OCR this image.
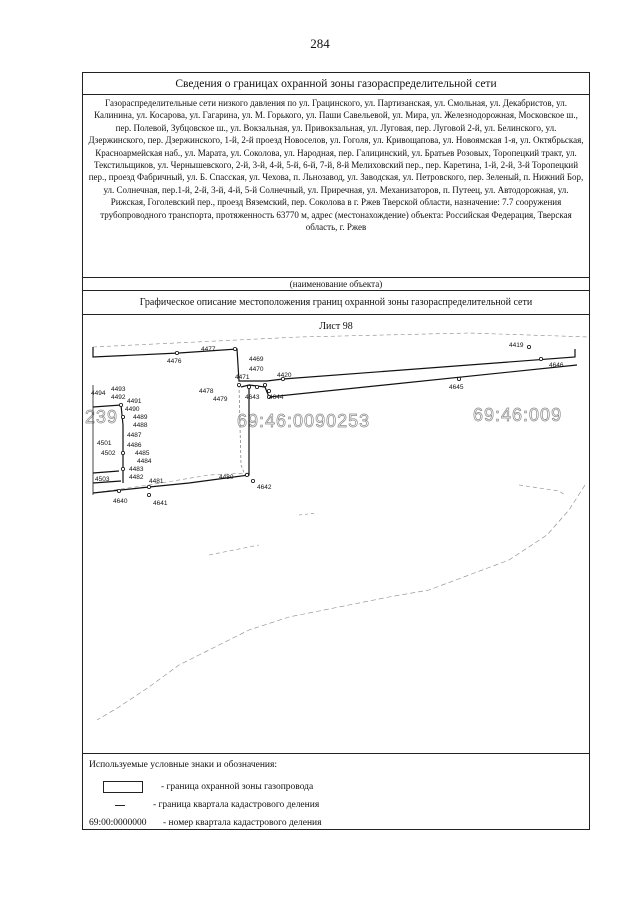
284
Сведения о границах охранной зоны газораспределительной сети
Газораспределительные сети низкого давления по ул. Грацинского, ул. Партизанская, ул. Смольная, ул. Декабристов, ул. Калинина, ул. Косарова, ул. Гагарина, ул. М. Горького, ул. Паши Савельевой, ул. Мира, ул. Железнодорожная, Московское ш., пер. Полевой, Зубцовское ш., ул. Вокзальная, ул. Привокзальная, ул. Луговая, пер. Луговой 2-й, ул. Белинского, ул. Дзержинского, пер. Дзержинского, 1-й, 2-й проезд Новоселов, ул. Гоголя, ул. Кривощапова, ул. Новоямская 1-я, ул. Октябрьская, Красноармейская наб., ул. Марата, ул. Соколова, ул. Народная, пер. Галицинский, ул. Братьев Розовых, Торопецкий тракт, ул. Текстильщиков, ул. Чернышевского, 2-й, 3-й, 4-й, 5-й, 6-й, 7-й, 8-й Мелиховский пер., пер. Каретина, 1-й, 2-й, 3-й Торопецкий пер., проезд Фабричный, ул. Б. Спасская, ул. Чехова, п. Льнозавод, ул. Заводская, ул. Петровского, пер. Зеленый, п. Нижний Бор, ул. Солнечная, пер.1-й, 2-й, 3-й, 4-й, 5-й Солнечный, ул. Приречная, ул. Механизаторов, п. Путеец, ул. Автодорожная, ул. Рижская, Гоголевский пер., проезд Вяземский, пер. Соколова в г. Ржев Тверской области, назначение: 7.7 сооружения трубопроводного транспорта, протяженность 63770 м, адрес (местонахождение) объекта: Российская Федерация, Тверская область, г. Ржев
(наименование объекта)
Графическое описание местоположения границ охранной зоны газораспределительной сети
Лист 98
69:46:0090253	69:46:009
239
4476
4477
4469
4470
4471	4420
4478
4479	4643 4644
4645
4646
4419
4480
4642
4481
4482
4483
4484
4485
4486
4487
4488
4489
4490
4491
4492
4493
4494
4501
4502
4503
4640	4641
Используемые условные знаки и обозначения:
- граница охранной зоны газопровода
- граница квартала кадастрового деления
69:00:0000000 - номер квартала кадастрового деления
